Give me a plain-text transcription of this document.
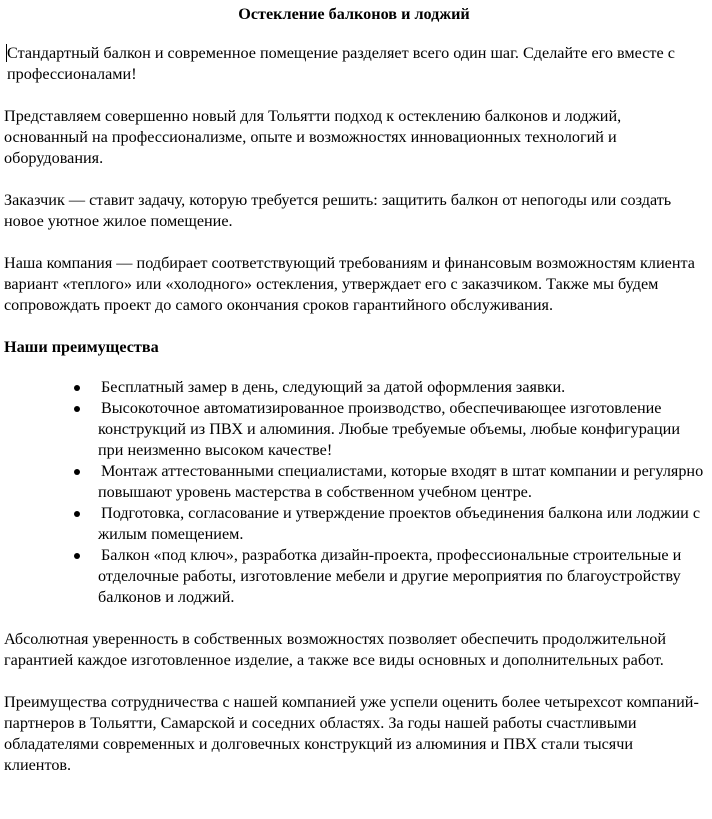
Остекление балконов и лоджий

Стандартный балкон и современное помещение разделяет всего один шаг. Сделайте его вместе с профессионалами!

Представляем совершенно новый для Тольятти подход к остеклению балконов и лоджий, основанный на профессионализме, опыте и возможностях инновационных технологий и оборудования.

Заказчик — ставит задачу, которую требуется решить: защитить балкон от непогоды или создать новое уютное жилое помещение.

Наша компания — подбирает соответствующий требованиям и финансовым возможностям клиента вариант «теплого» или «холодного» остекления, утверждает его с заказчиком. Также мы будем сопровождать проект до самого окончания сроков гарантийного обслуживания.

Наши преимущества
Бесплатный замер в день, следующий за датой оформления заявки.
Высокоточное автоматизированное производство, обеспечивающее изготовление конструкций из ПВХ и алюминия. Любые требуемые объемы, любые конфигурации при неизменно высоком качестве!
Монтаж аттестованными специалистами, которые входят в штат компании и регулярно повышают уровень мастерства в собственном учебном центре.
Подготовка, согласование и утверждение проектов объединения балкона или лоджии с жилым помещением.
Балкон «под ключ», разработка дизайн-проекта, профессиональные строительные и отделочные работы, изготовление мебели и другие мероприятия по благоустройству балконов и лоджий.

Абсолютная уверенность в собственных возможностях позволяет обеспечить продолжительной гарантией каждое изготовленное изделие, а также все виды основных и дополнительных работ.

Преимущества сотрудничества с нашей компанией уже успели оценить более четырехсот компаний-партнеров в Тольятти, Самарской и соседних областях. За годы нашей работы счастливыми обладателями современных и долговечных конструкций из алюминия и ПВХ стали тысячи клиентов.
